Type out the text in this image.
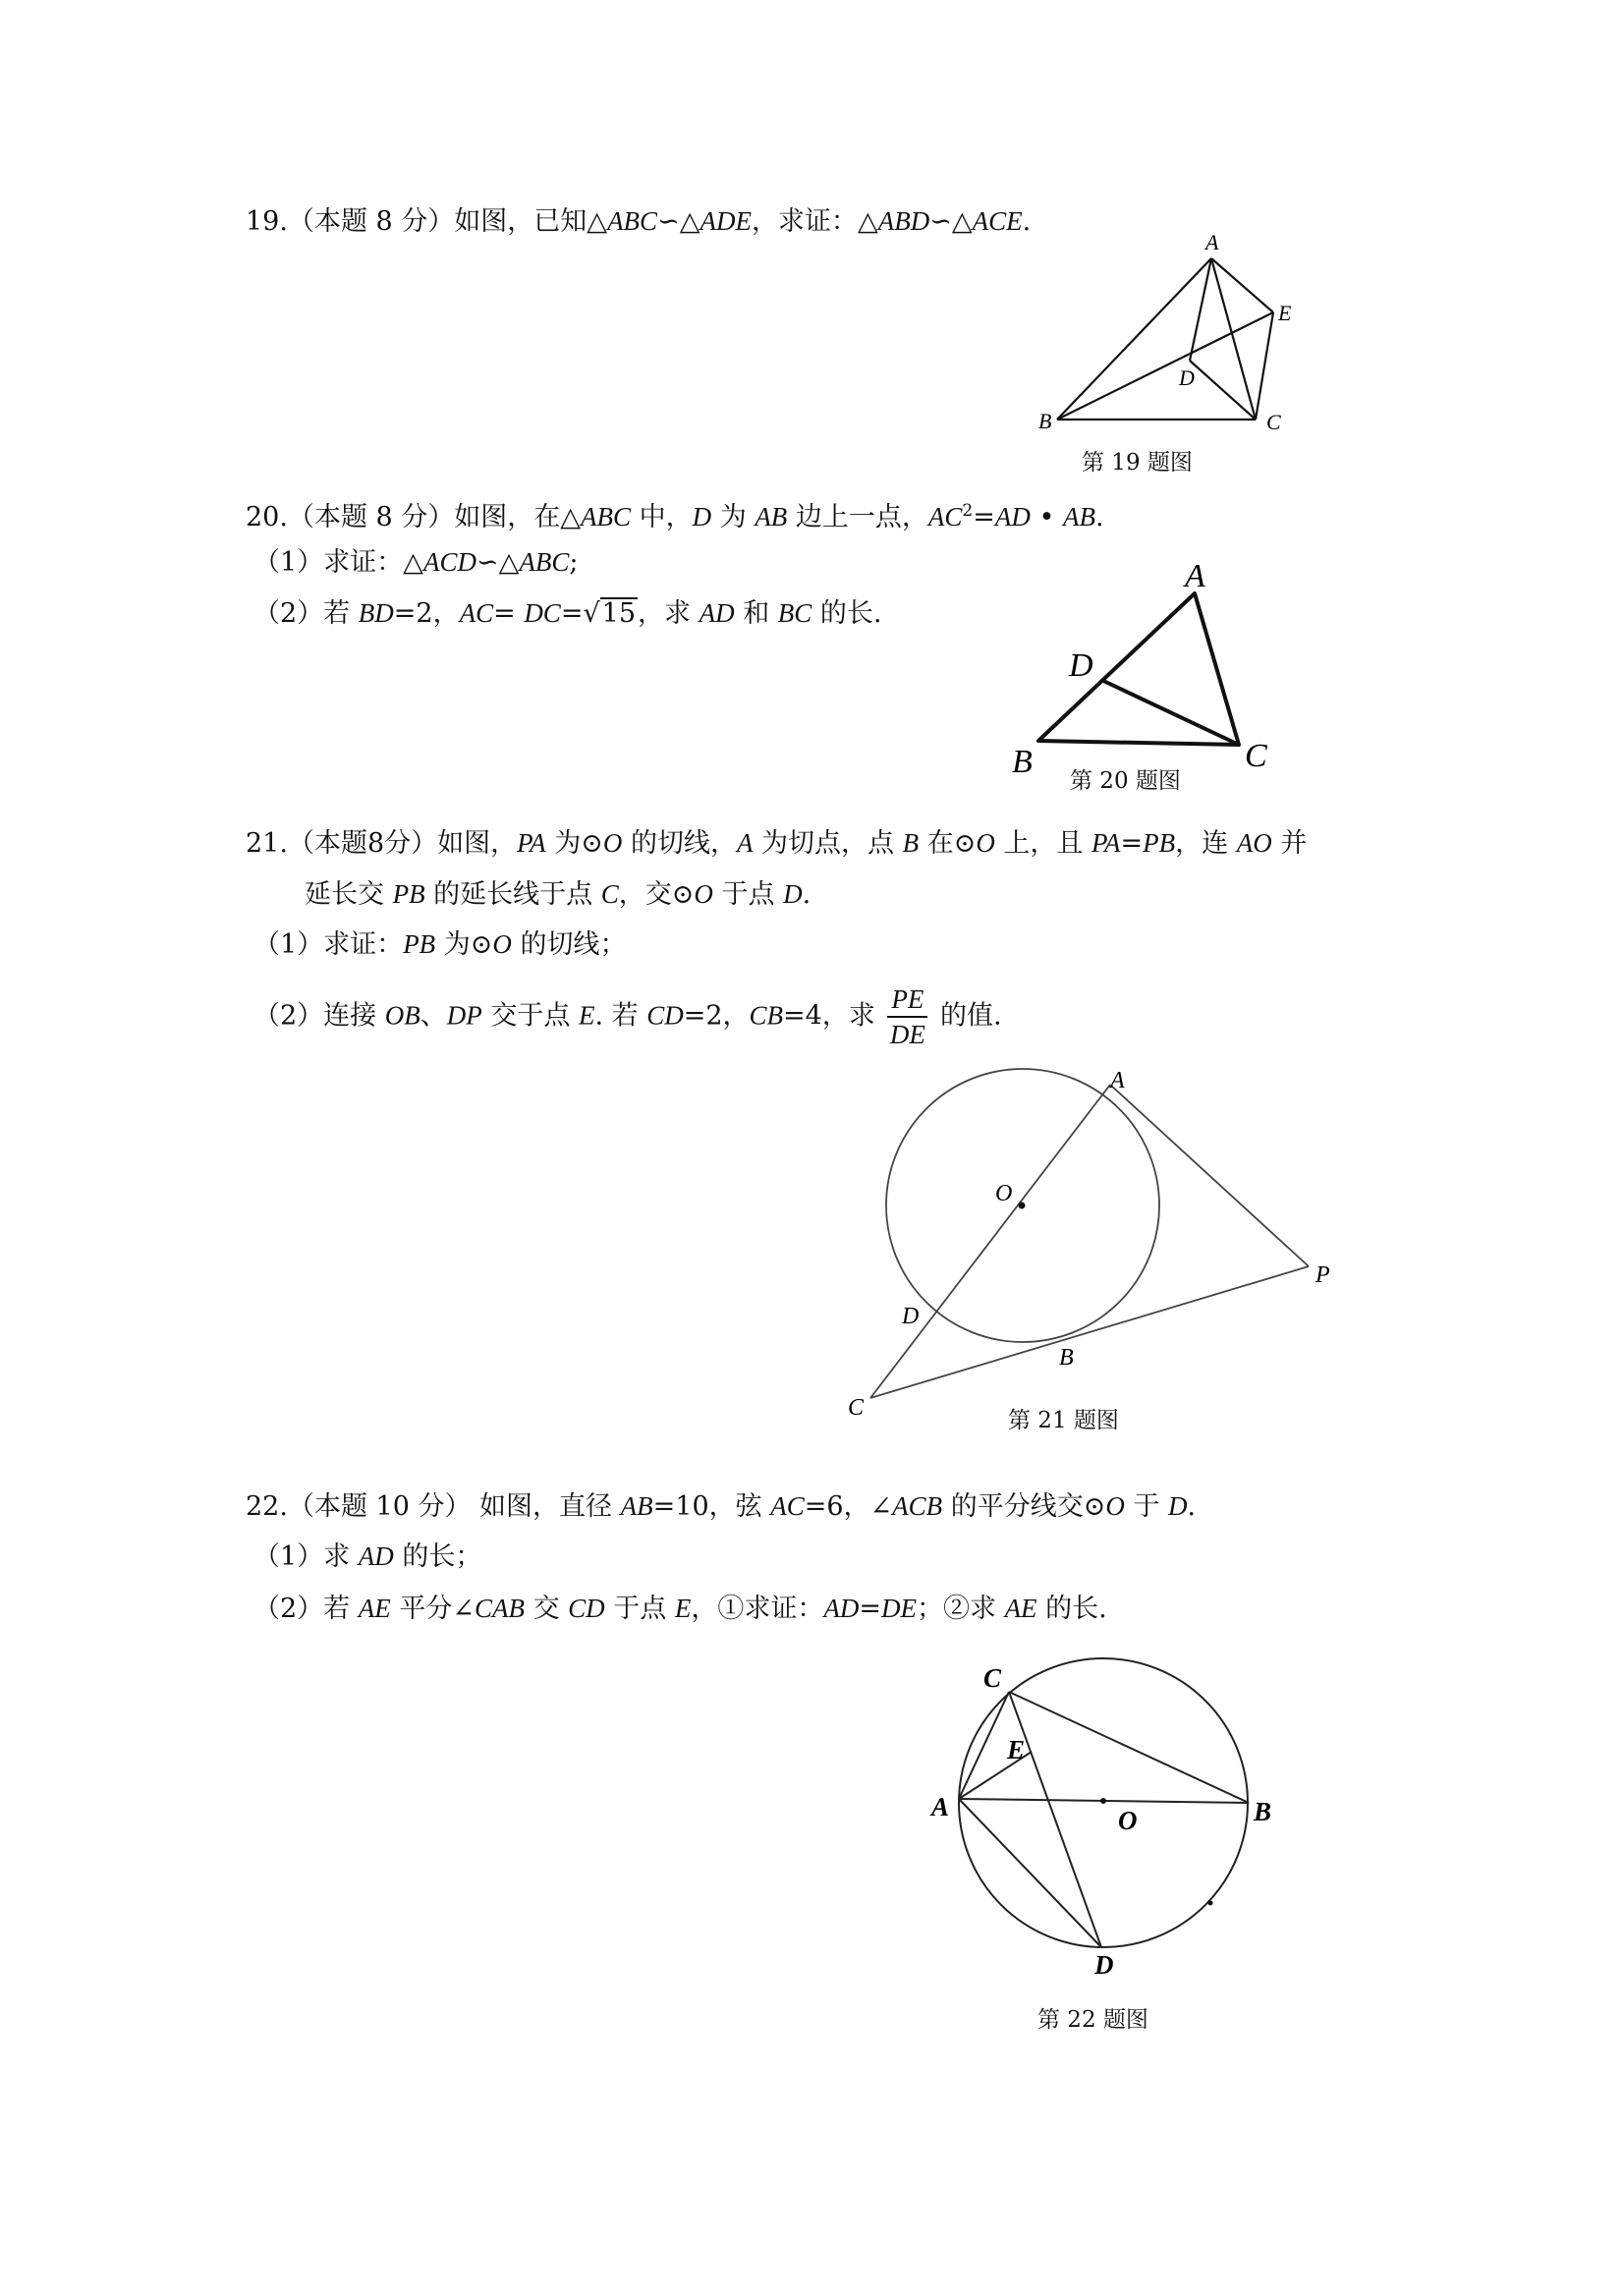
19.（本题 8 分）如图，已知△ABC∽△ADE，求证：△ABD∽△ACE.
A
B	C
D
E
第 19 题图
20.（本题 8 分）如图，在△ABC 中，D 为 AB 边上一点，$AC^2=AD$ • AB.
（1）求证：△ACD∽△ABC;
（2）若 BD=2，AC= DC=√15，求 AD 和 BC 的长.
A
B	C
D
第 20 题图
21.（本题8分）如图，PA 为⊙O 的切线，A 为切点，点 B 在⊙O 上，且 PA=PB，连 AO 并
延长交 PB 的延长线于点 C，交⊙O 于点 D.
（1）求证：PB 为⊙O 的切线；
（2）连接 OB、DP 交于点 E. 若 CD=2，CB=4，求 $\frac{PE}{DE}$ 的值.
A
B
C
D
O
P
第 21 题图
22.（本题 10 分） 如图，直径 AB=10，弦 AC=6，∠ACB 的平分线交⊙O 于 D.
（1）求 AD 的长；
（2）若 AE 平分∠CAB 交 CD 于点 E，①求证：AD=DE；②求 AE 的长.
A	B
C
D
E
O
第 22 题图
